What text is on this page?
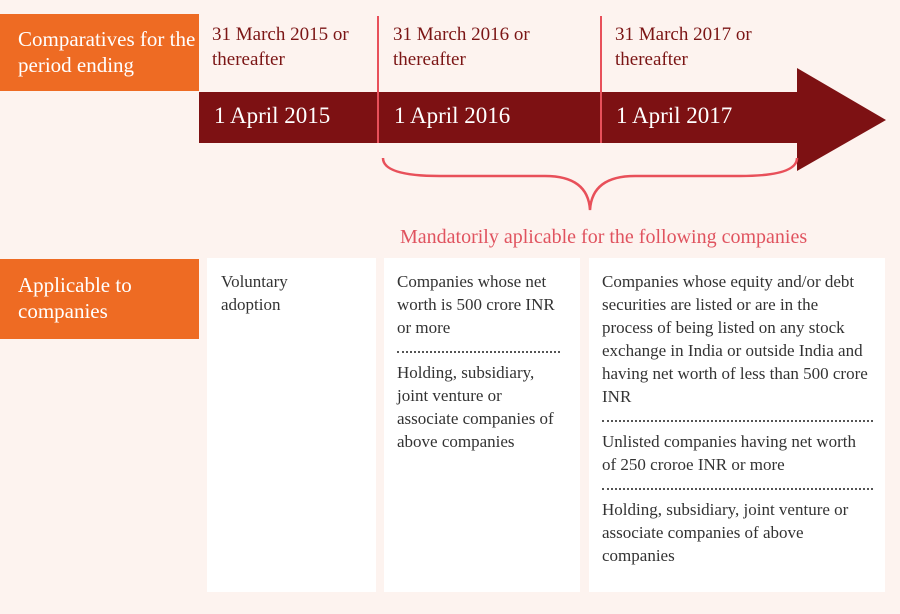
Comparatives for the period ending
31 March 2015 or thereafter
31 March 2016 or thereafter
31 March 2017 or thereafter
1 April 2015	1 April 2016	1 April 2017
Mandatorily aplicable for the following companies
Applicable to companies

Voluntary adoption

Companies whose net worth is 500 crore INR or more

Holding, subsidiary, joint venture or associate companies of above companies

Companies whose equity and/or debt securities are listed or are in the process of being listed on any stock exchange in India or outside India and having net worth of less than 500 crore INR

Unlisted companies having net worth of 250 croroe INR or more

Holding, subsidiary, joint venture or associate companies of above companies
